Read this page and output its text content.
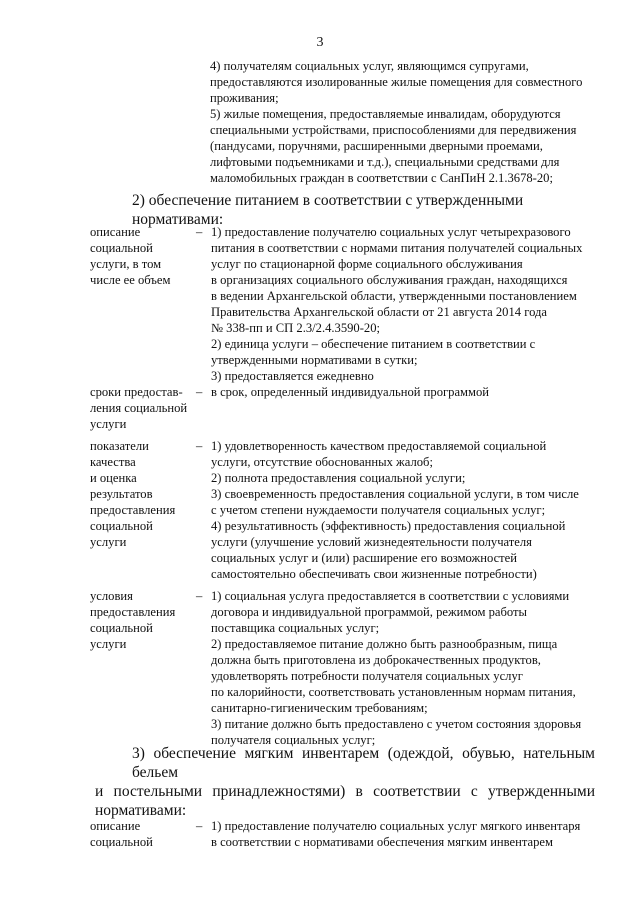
3
4) получателям социальных услуг, являющимся супругами,
предоставляются изолированные жилые помещения для совместного
проживания;
5) жилые помещения, предоставляемые инвалидам, оборудуются
специальными устройствами, приспособлениями для передвижения
(пандусами, поручнями, расширенными дверными проемами,
лифтовыми подъемниками и т.д.), специальными средствами для
маломобильных граждан в соответствии с СанПиН 2.1.3678-20;
2) обеспечение питанием в соответствии с утвержденными нормативами:
описание
социальной
услуги, в том
числе ее объем
– 1) предоставление получателю социальных услуг четырехразового
питания в соответствии с нормами питания получателей социальных
услуг по стационарной форме социального обслуживания
в организациях социального обслуживания граждан, находящихся
в ведении Архангельской области, утвержденными постановлением
Правительства Архангельской области от 21 августа 2014 года
№ 338-пп и СП 2.3/2.4.3590-20;
2) единица услуги – обеспечение питанием в соответствии с
утвержденными нормативами в сутки;
3) предоставляется ежедневно
сроки предостав-
ления социальной
услуги
– в срок, определенный индивидуальной программой
показатели
качества
и оценка
результатов
предоставления
социальной
услуги
– 1) удовлетворенность качеством предоставляемой социальной
услуги, отсутствие обоснованных жалоб;
2) полнота предоставления социальной услуги;
3) своевременность предоставления социальной услуги, в том числе
с учетом степени нуждаемости получателя социальных услуг;
4) результативность (эффективность) предоставления социальной
услуги (улучшение условий жизнедеятельности получателя
социальных услуг и (или) расширение его возможностей
самостоятельно обеспечивать свои жизненные потребности)
условия
предоставления
социальной
услуги
– 1) социальная услуга предоставляется в соответствии с условиями
договора и индивидуальной программой, режимом работы
поставщика социальных услуг;
2) предоставляемое питание должно быть разнообразным, пища
должна быть приготовлена из доброкачественных продуктов,
удовлетворять потребности получателя социальных услуг
по калорийности, соответствовать установленным нормам питания,
санитарно-гигиеническим требованиям;
3) питание должно быть предоставлено с учетом состояния здоровья
получателя социальных услуг;
3) обеспечение мягким инвентарем (одеждой, обувью, нательным бельем
и постельными принадлежностями) в соответствии с утвержденными
нормативами:
описание
социальной
– 1) предоставление получателю социальных услуг мягкого инвентаря
в соответствии с нормативами обеспечения мягким инвентарем
